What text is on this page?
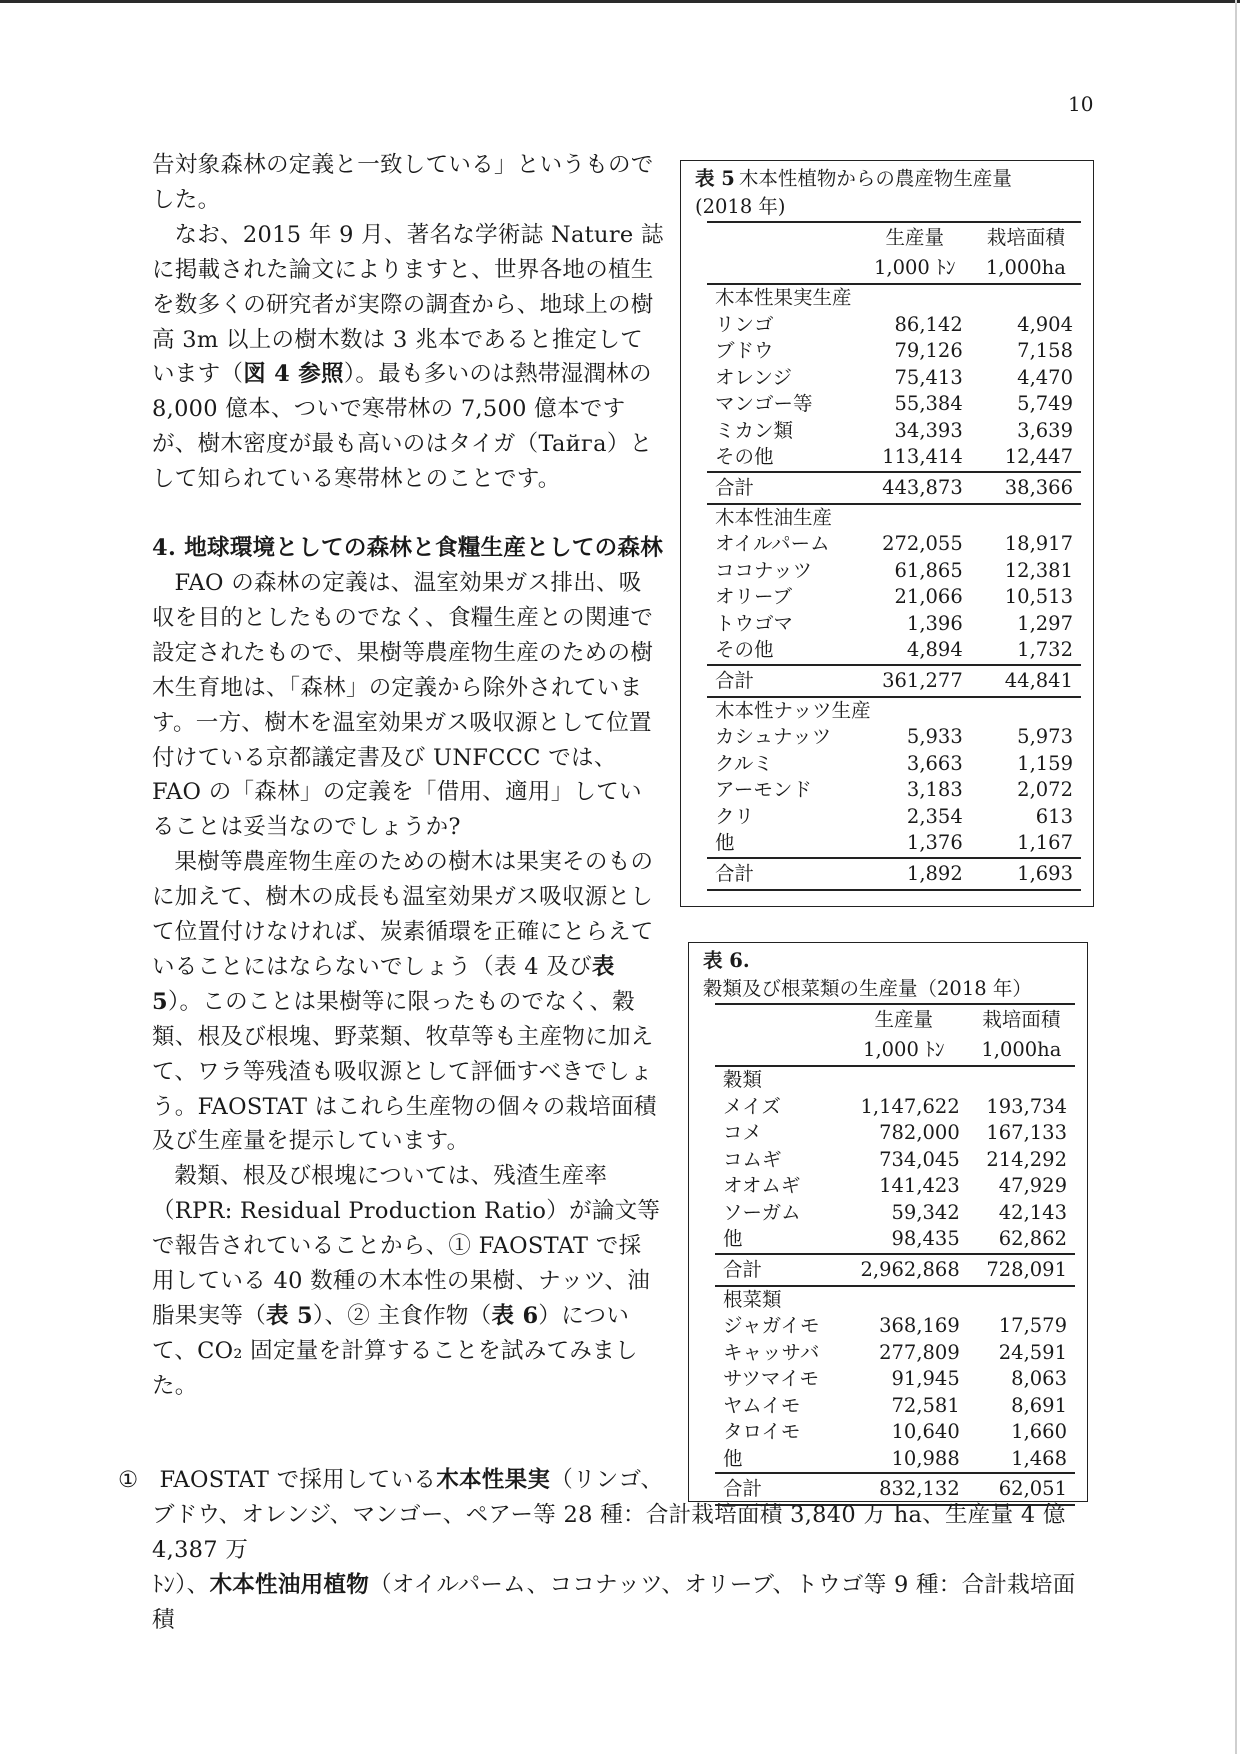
10

告対象森林の定義と一致している」というものでした。

なお、2015 年 9 月、著名な学術誌 Nature 誌に掲載された論文によりますと、世界各地の植生を数多くの研究者が実際の調査から、地球上の樹高 3m 以上の樹木数は 3 兆本であると推定しています（図 4 参照）。最も多いのは熱帯湿潤林の 8,000 億本、ついで寒帯林の 7,500 億本ですが、樹木密度が最も高いのはタイガ（Taйга）として知られている寒帯林とのことです。

4. 地球環境としての森林と食糧生産としての森林

FAO の森林の定義は、温室効果ガス排出、吸収を目的としたものでなく、食糧生産との関連で設定されたもので、果樹等農産物生産のための樹木生育地は、「森林」の定義から除外されています。一方、樹木を温室効果ガス吸収源として位置付けている京都議定書及び UNFCCC では、FAO の「森林」の定義を「借用、適用」していることは妥当なのでしょうか?

果樹等農産物生産のための樹木は果実そのものに加えて、樹木の成長も温室効果ガス吸収源として位置付けなければ、炭素循環を正確にとらえていることにはならないでしょう（表 4 及び表 5）。このことは果樹等に限ったものでなく、穀類、根及び根塊、野菜類、牧草等も主産物に加えて、ワラ等残渣も吸収源として評価すべきでしょう。FAOSTAT はこれら生産物の個々の栽培面積及び生産量を提示しています。

穀類、根及び根塊については、残渣生産率（RPR: Residual Production Ratio）が論文等で報告されていることから、① FAOSTAT で採用している 40 数種の木本性の果樹、ナッツ、油脂果実等（表 5）、② 主食作物（表 6）について、CO₂ 固定量を計算することを試みてみました。

① FAOSTAT で採用している木本性果実（リンゴ、

ブドウ、オレンジ、マンゴー、ペアー等 28 種：合計栽培面積 3,840 万 ha、生産量 4 億 4,387 万

ﾄﾝ）、木本性油用植物（オイルパーム、ココナッツ、オリーブ、トウゴ等 9 種：合計栽培面積

表 5 木本性植物からの農産物生産量
(2018 年)
	生産量	栽培面積
	1,000 ﾄﾝ	1,000ha
木本性果実生産		
リンゴ	86,142	4,904
ブドウ	79,126	7,158
オレンジ	75,413	4,470
マンゴー等	55,384	5,749
ミカン類	34,393	3,639
その他	113,414	12,447
合計	443,873	38,366
木本性油生産		
オイルパーム	272,055	18,917
ココナッツ	61,865	12,381
オリーブ	21,066	10,513
トウゴマ	1,396	1,297
その他	4,894	1,732
合計	361,277	44,841
木本性ナッツ生産		
カシュナッツ	5,933	5,973
クルミ	3,663	1,159
アーモンド	3,183	2,072
クリ	2,354	613
他	1,376	1,167
合計	1,892	1,693
表 6.穀類及び根菜類の生産量（2018 年）
	生産量	栽培面積
	1,000 ﾄﾝ	1,000ha
穀類		
メイズ	1,147,622	193,734
コメ	782,000	167,133
コムギ	734,045	214,292
オオムギ	141,423	47,929
ソーガム	59,342	42,143
他	98,435	62,862
合計	2,962,868	728,091
根菜類		
ジャガイモ	368,169	17,579
キャッサバ	277,809	24,591
サツマイモ	91,945	8,063
ヤムイモ	72,581	8,691
タロイモ	10,640	1,660
他	10,988	1,468
合計	832,132	62,051
